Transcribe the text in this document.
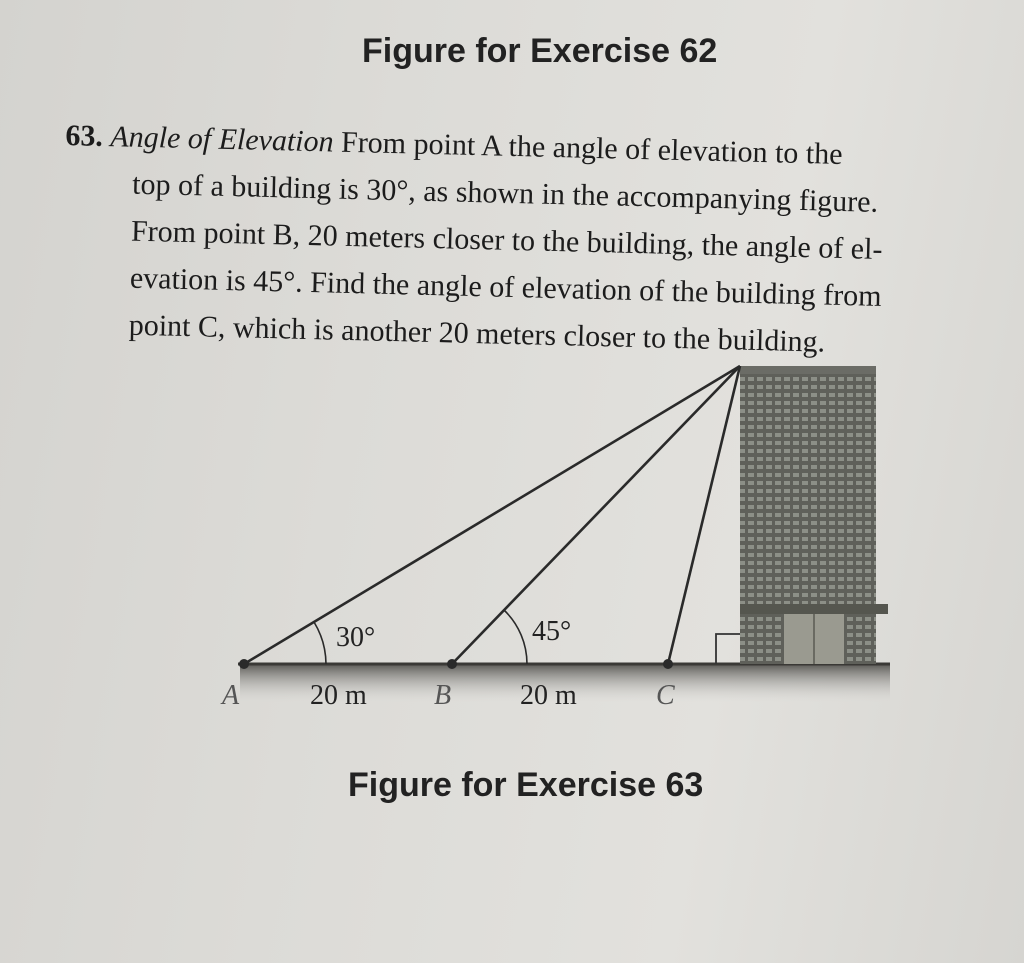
Figure for Exercise 62
63. Angle of Elevation From point A the angle of elevation to the
top of a building is 30°, as shown in the accompanying figure.
From point B, 20 meters closer to the building, the angle of el-
evation is 45°. Find the angle of elevation of the building from
point C, which is another 20 meters closer to the building.
30°	45°
A	20 m B 20 m	C
Figure for Exercise 63
